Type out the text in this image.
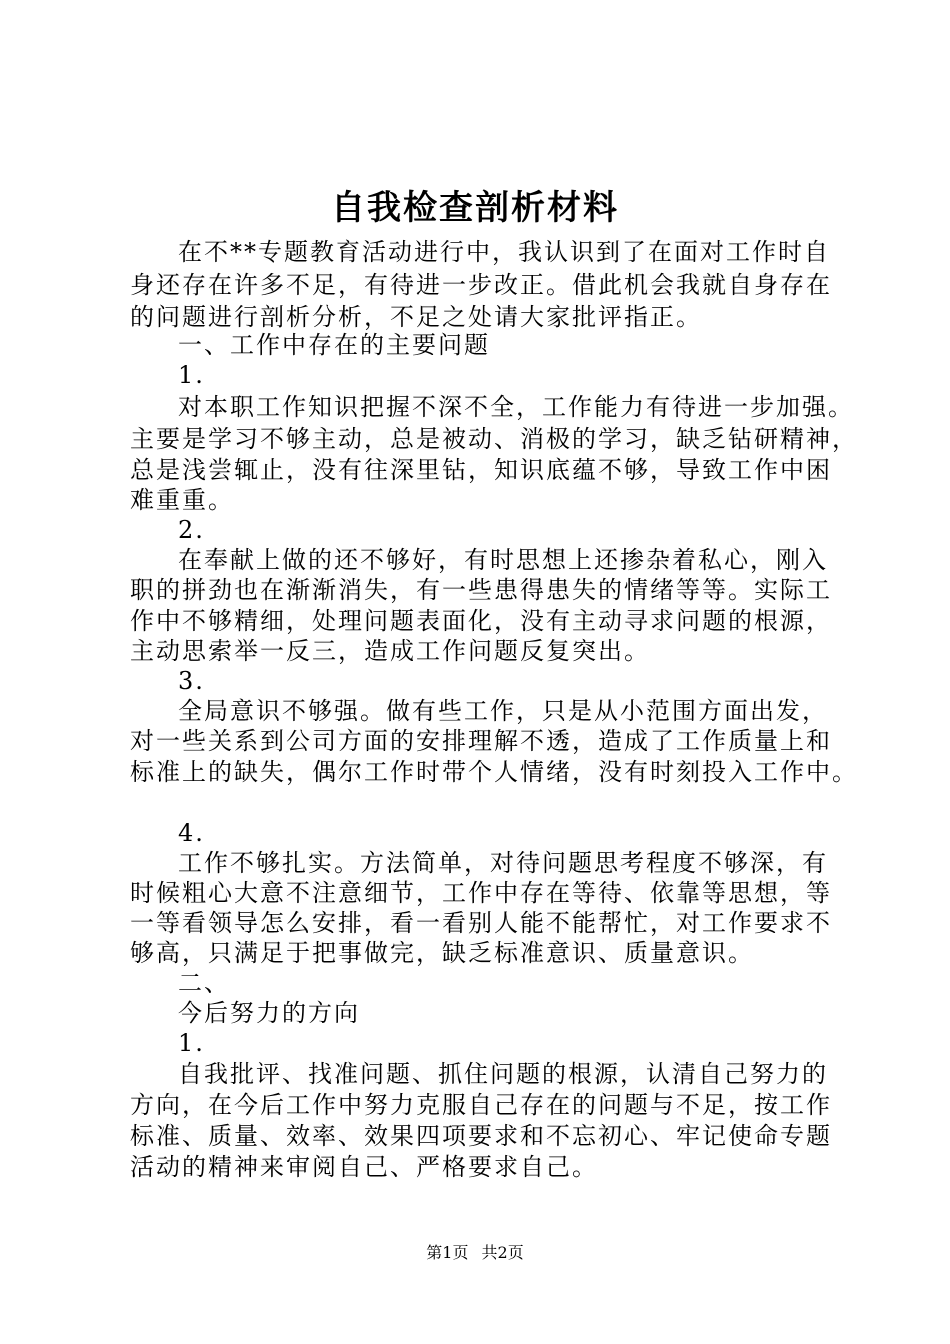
自我检查剖析材料
在不**专题教育活动进行中，我认识到了在面对工作时自
身还存在许多不足，有待进一步改正。借此机会我就自身存在
的问题进行剖析分析，不足之处请大家批评指正。
一、工作中存在的主要问题
1.
对本职工作知识把握不深不全，工作能力有待进一步加强。
主要是学习不够主动，总是被动、消极的学习，缺乏钻研精神，
总是浅尝辄止，没有往深里钻，知识底蕴不够，导致工作中困
难重重。
2.
在奉献上做的还不够好，有时思想上还掺杂着私心，刚入
职的拼劲也在渐渐消失，有一些患得患失的情绪等等。实际工
作中不够精细，处理问题表面化，没有主动寻求问题的根源，
主动思索举一反三，造成工作问题反复突出。
3.
全局意识不够强。做有些工作，只是从小范围方面出发，
对一些关系到公司方面的安排理解不透，造成了工作质量上和
标准上的缺失，偶尔工作时带个人情绪，没有时刻投入工作中。
4.
工作不够扎实。方法简单，对待问题思考程度不够深，有
时候粗心大意不注意细节，工作中存在等待、依靠等思想，等
一等看领导怎么安排，看一看别人能不能帮忙，对工作要求不
够高，只满足于把事做完，缺乏标准意识、质量意识。
二、
今后努力的方向
1.
自我批评、找准问题、抓住问题的根源，认清自己努力的
方向，在今后工作中努力克服自己存在的问题与不足，按工作
标准、质量、效率、效果四项要求和不忘初心、牢记使命专题
活动的精神来审阅自己、严格要求自己。
第1页 共2页
